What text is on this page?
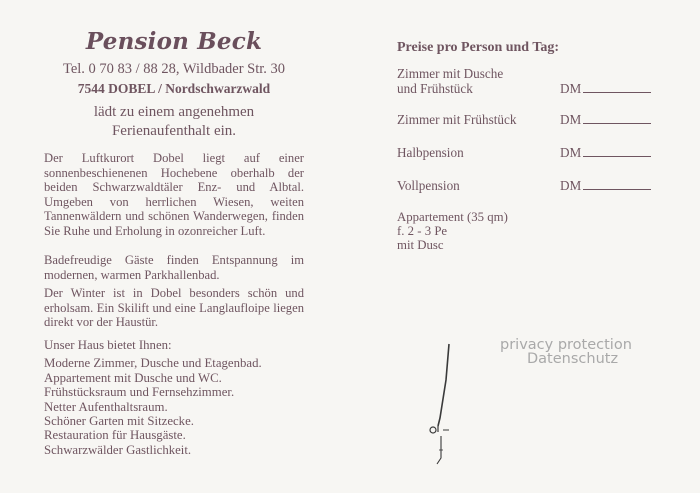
Pension Beck
Tel. 0 70 83 / 88 28, Wildbader Str. 30
7544 DOBEL / Nordschwarzwald
lädt zu einem angenehmen
Ferienaufenthalt ein.

Der Luftkurort Dobel liegt auf einer sonnenbeschienenen Hochebene oberhalb der beiden Schwarzwaldtäler Enz- und Albtal. Umgeben von herrlichen Wiesen, weiten Tannenwäldern und schönen Wanderwegen, finden Sie Ruhe und Erholung in ozonreicher Luft.

Badefreudige Gäste finden Entspannung im modernen, warmen Parkhallenbad.

Der Winter ist in Dobel besonders schön und erholsam. Ein Skilift und eine Langlaufloipe liegen direkt vor der Haustür.

Unser Haus bietet Ihnen:
Moderne Zimmer, Dusche und Etagenbad.
Appartement mit Dusche und WC.
Frühstücksraum und Fernsehzimmer.
Netter Aufenthaltsraum.
Schöner Garten mit Sitzecke.
Restauration für Hausgäste.
Schwarzwälder Gastlichkeit.
Preise pro Person und Tag:
Zimmer mit Dusche
und Frühstück	DM
Zimmer mit Frühstück	DM
Halbpension	DM
Vollpension	DM
Appartement (35 qm)
f. 2 - 3 Pe
mit Dusc
privacy protection
Datenschutz
